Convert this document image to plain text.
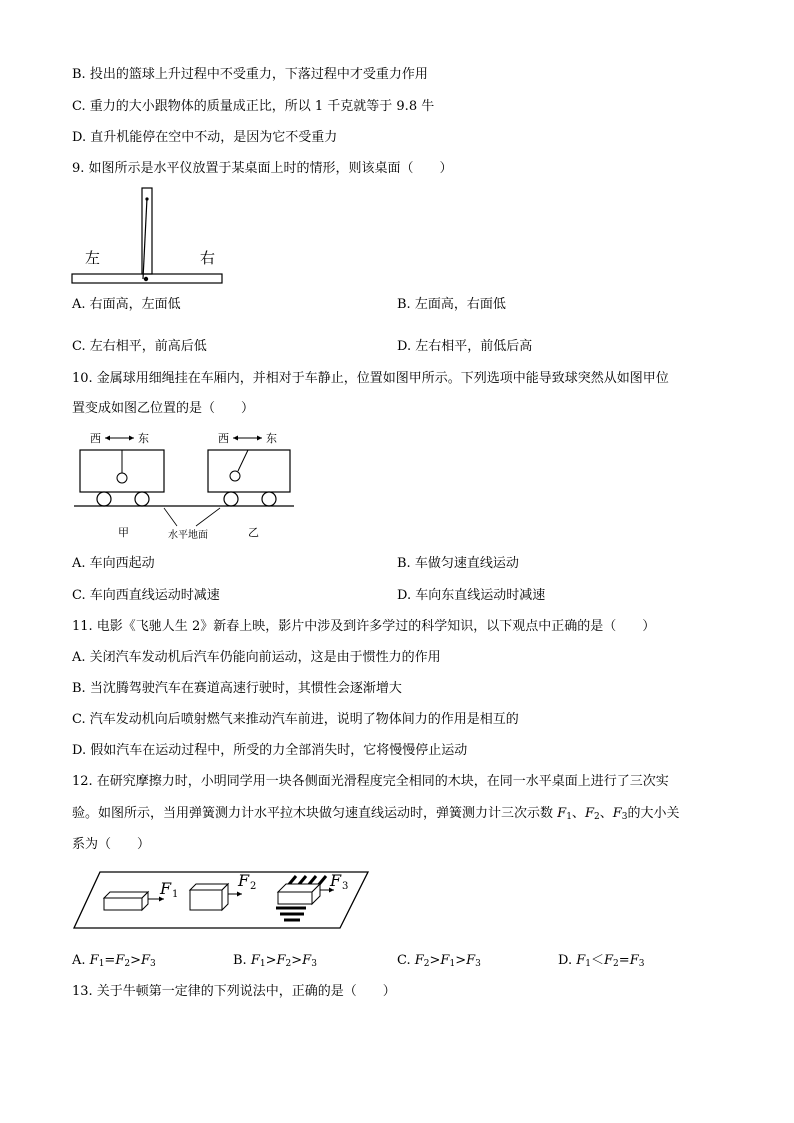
B. 投出的篮球上升过程中不受重力，下落过程中才受重力作用
C. 重力的大小跟物体的质量成正比，所以 1 千克就等于 9.8 牛
D. 直升机能停在空中不动，是因为它不受重力
9. 如图所示是水平仪放置于某桌面上时的情形，则该桌面（　　）
左	右
A. 右面高，左面低	B. 左面高，右面低
C. 左右相平，前高后低	D. 左右相平，前低后高
10. 金属球用细绳挂在车厢内，并相对于车静止，位置如图甲所示。下列选项中能导致球突然从如图甲位
置变成如图乙位置的是（　　）
西	东	西	东
甲	水平地面	乙
A. 车向西起动	B. 车做匀速直线运动
C. 车向西直线运动时减速	D. 车向东直线运动时减速
11. 电影《飞驰人生 2》新春上映，影片中涉及到许多学过的科学知识，以下观点中正确的是（　　）
A. 关闭汽车发动机后汽车仍能向前运动，这是由于惯性力的作用
B. 当沈腾驾驶汽车在赛道高速行驶时，其惯性会逐渐增大
C. 汽车发动机向后喷射燃气来推动汽车前进，说明了物体间力的作用是相互的
D. 假如汽车在运动过程中，所受的力全部消失时，它将慢慢停止运动
12. 在研究摩擦力时，小明同学用一块各侧面光滑程度完全相同的木块，在同一水平桌面上进行了三次实
验。如图所示，当用弹簧测力计水平拉木块做匀速直线运动时，弹簧测力计三次示数 $F_1$、$F_2$、$F_3$的大小关
系为（　　）
F 1
F 2	F 3
A. $F_1=F_2>F_3$	B. $F_1>F_2>F_3$	C. $F_2>F_1>F_3$	D. $F_1<F_2=F_3$
13. 关于牛顿第一定律的下列说法中，正确的是（　　）
